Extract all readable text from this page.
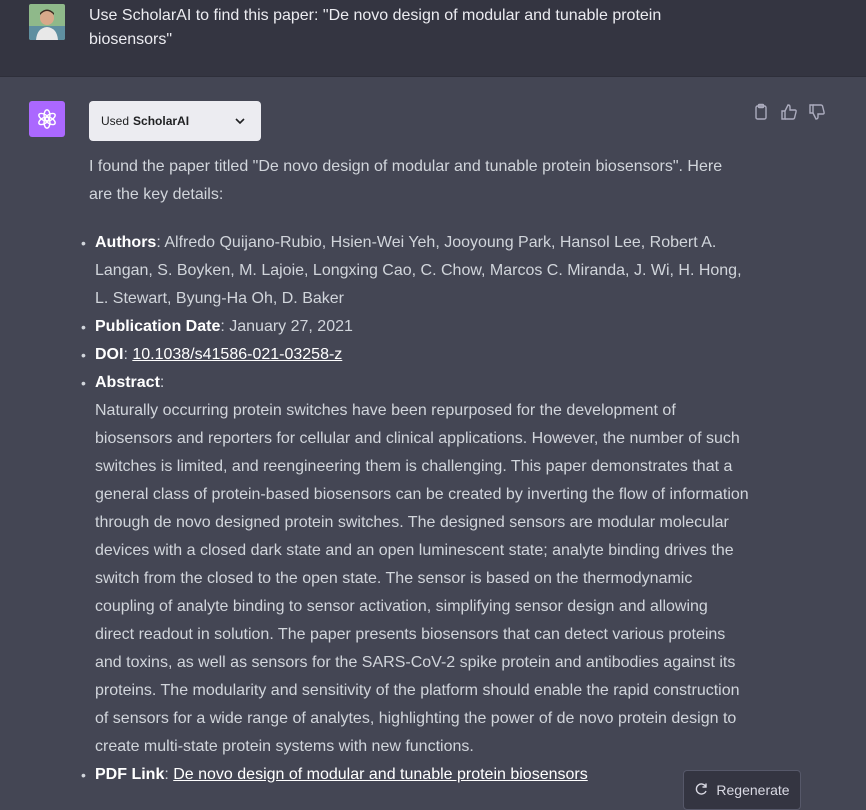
Use ScholarAI to find this paper: "De novo design of modular and tunable protein biosensors"
Used ScholarAI

I found the paper titled "De novo design of modular and tunable protein biosensors". Here are the key details:

• Authors: Alfredo Quijano-Rubio, Hsien-Wei Yeh, Jooyoung Park, Hansol Lee, Robert A. Langan, S. Boyken, M. Lajoie, Longxing Cao, C. Chow, Marcos C. Miranda, J. Wi, H. Hong, L. Stewart, Byung-Ha Oh, D. Baker
• Publication Date: January 27, 2021
• DOI: 10.1038/s41586-021-03258-z
• Abstract:
Naturally occurring protein switches have been repurposed for the development of biosensors and reporters for cellular and clinical applications. However, the number of such switches is limited, and reengineering them is challenging. This paper demonstrates that a general class of protein-based biosensors can be created by inverting the flow of information through de novo designed protein switches. The designed sensors are modular molecular devices with a closed dark state and an open luminescent state; analyte binding drives the switch from the closed to the open state. The sensor is based on the thermodynamic coupling of analyte binding to sensor activation, simplifying sensor design and allowing direct readout in solution. The paper presents biosensors that can detect various proteins and toxins, as well as sensors for the SARS-CoV-2 spike protein and antibodies against its proteins. The modularity and sensitivity of the platform should enable the rapid construction of sensors for a wide range of analytes, highlighting the power of de novo protein design to create multi-state protein systems with new functions.
• PDF Link: De novo design of modular and tunable protein biosensors
Regenerate
